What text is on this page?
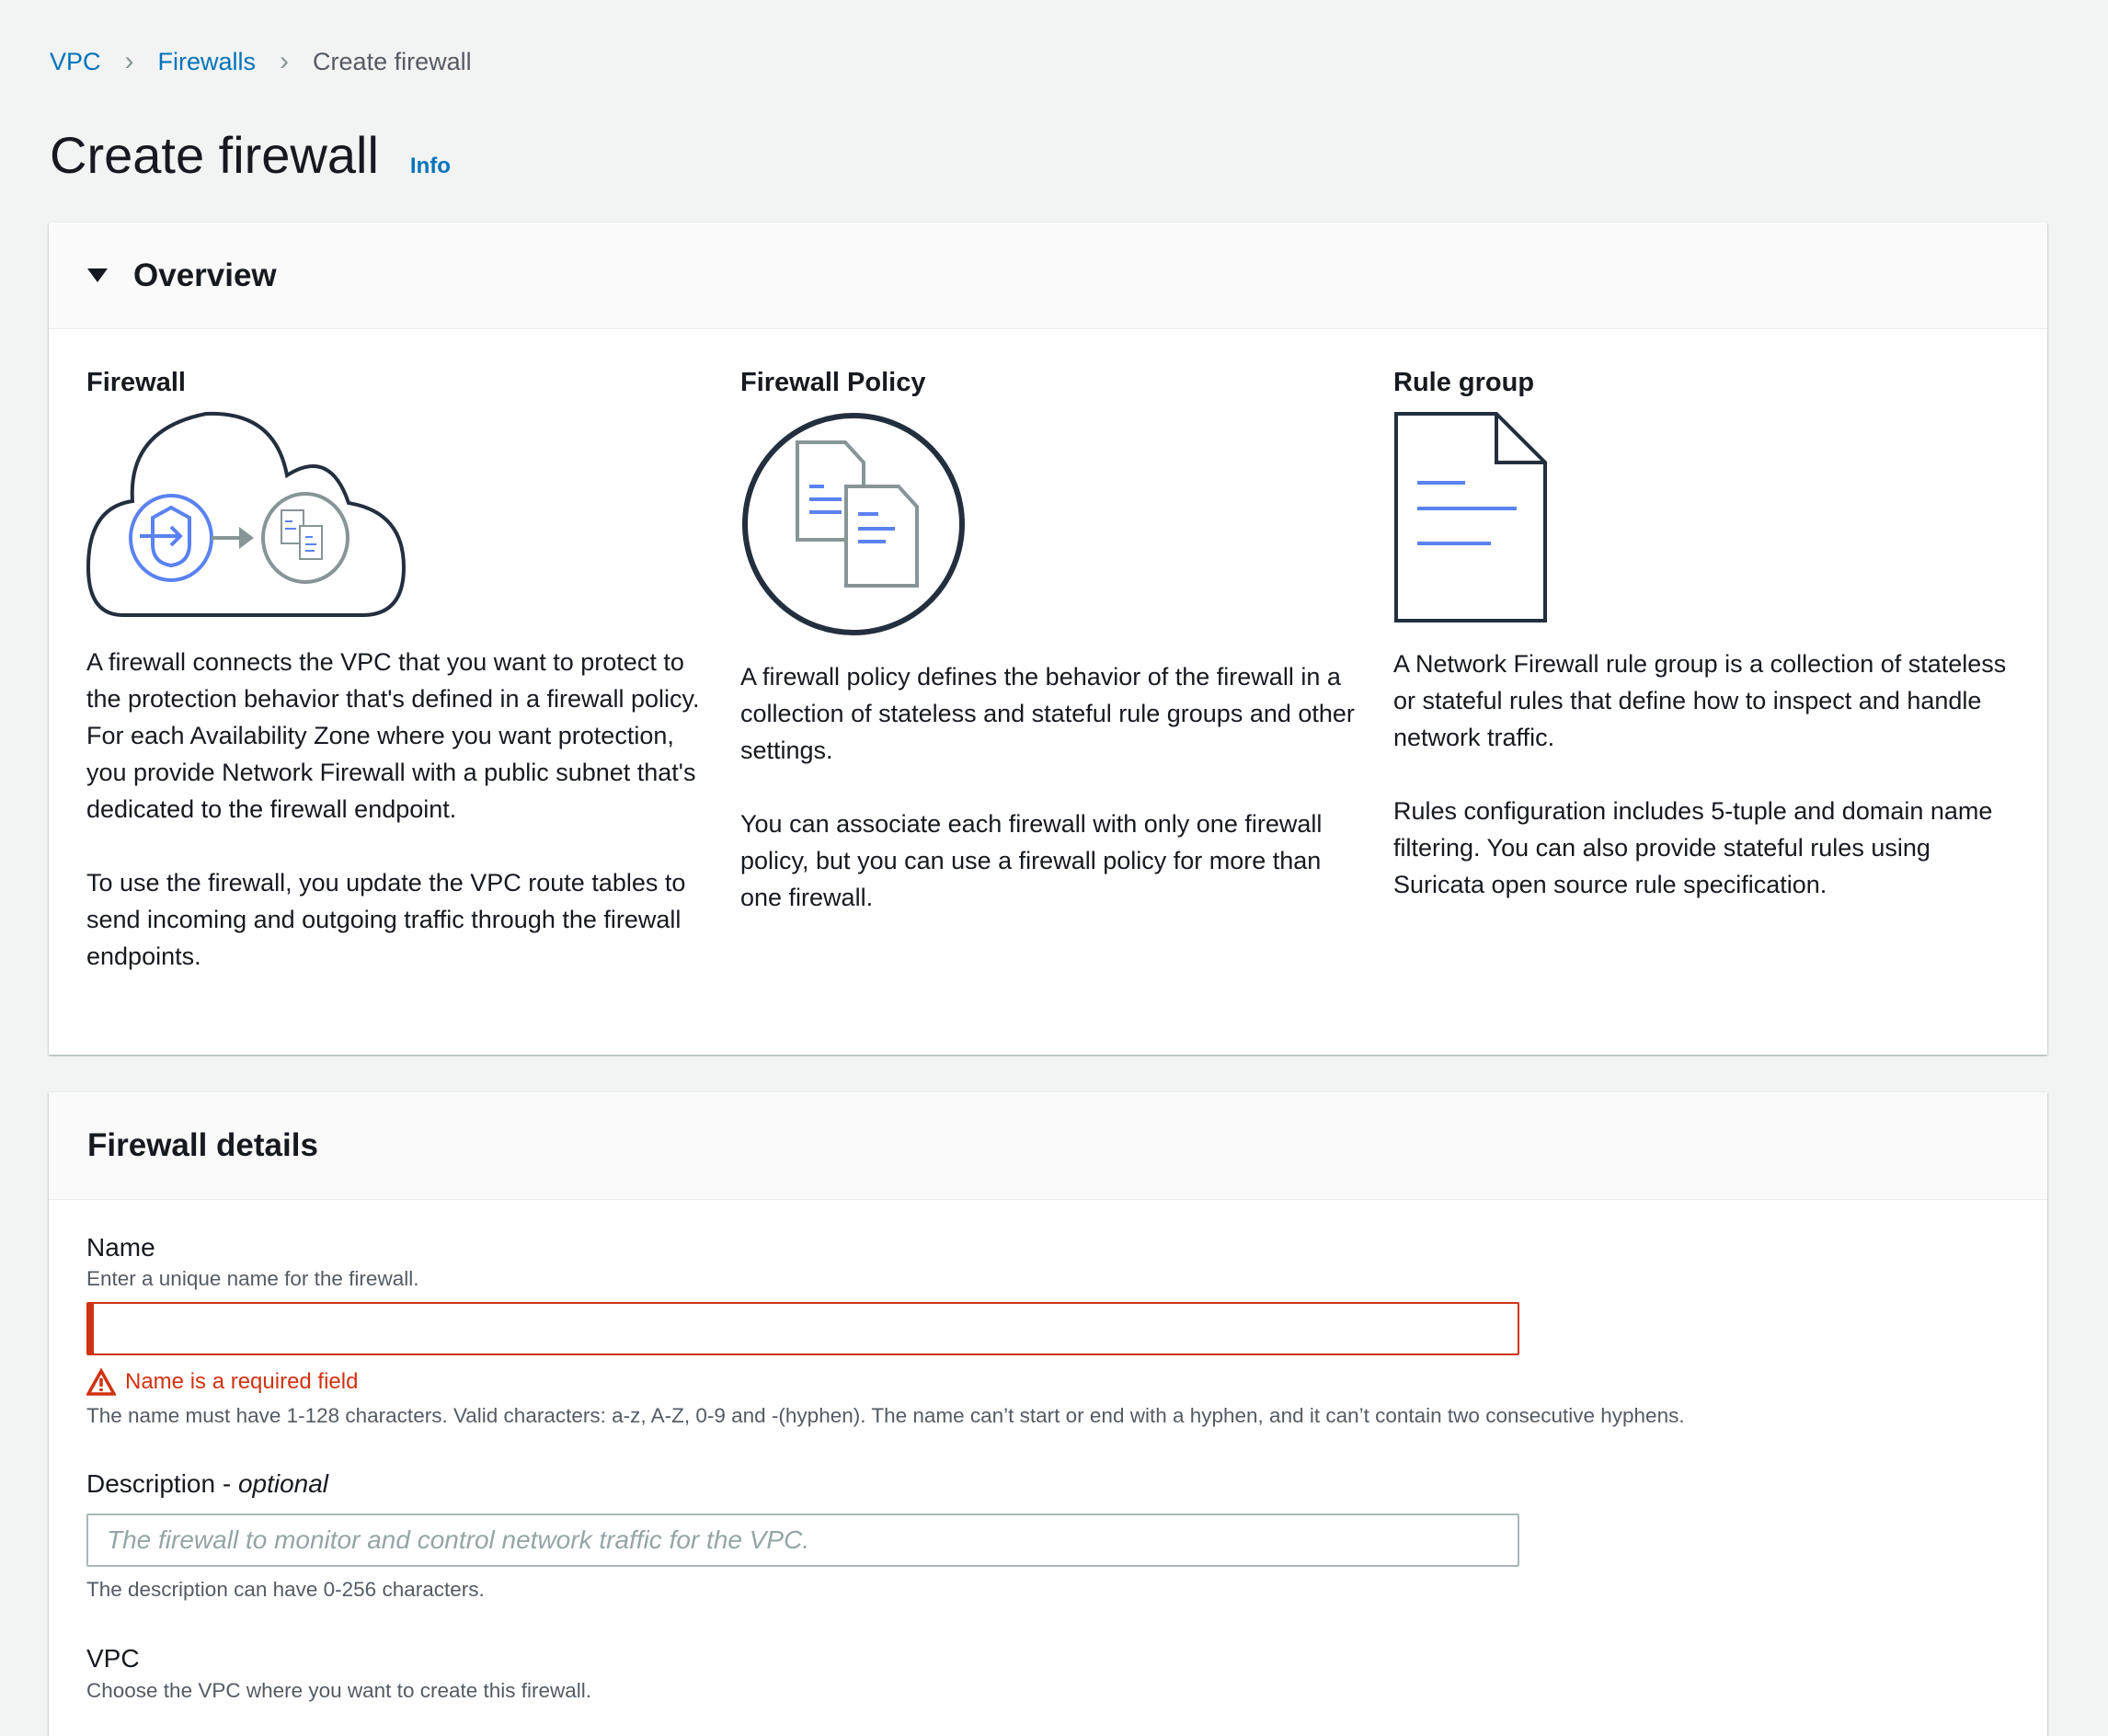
VPC › Firewalls › Create firewall
Create firewall Info
Overview
Firewall

A firewall connects the VPC that you want to protect to the protection behavior that's defined in a firewall policy. For each Availability Zone where you want protection, you provide Network Firewall with a public subnet that's dedicated to the firewall endpoint.

To use the firewall, you update the VPC route tables to send incoming and outgoing traffic through the firewall endpoints.

Firewall Policy

A firewall policy defines the behavior of the firewall in a collection of stateless and stateful rule groups and other settings.

You can associate each firewall with only one firewall policy, but you can use a firewall policy for more than one firewall.

Rule group

A Network Firewall rule group is a collection of stateless or stateful rules that define how to inspect and handle network traffic.

Rules configuration includes 5-tuple and domain name filtering. You can also provide stateful rules using Suricata open source rule specification.

Firewall details
Name
Enter a unique name for the firewall.
Name is a required field
The name must have 1-128 characters. Valid characters: a-z, A-Z, 0-9 and -(hyphen). The name can’t start or end with a hyphen, and it can’t contain two consecutive hyphens.
Description - optional
The firewall to monitor and control network traffic for the VPC.
The description can have 0-256 characters.
VPC
Choose the VPC where you want to create this firewall.
